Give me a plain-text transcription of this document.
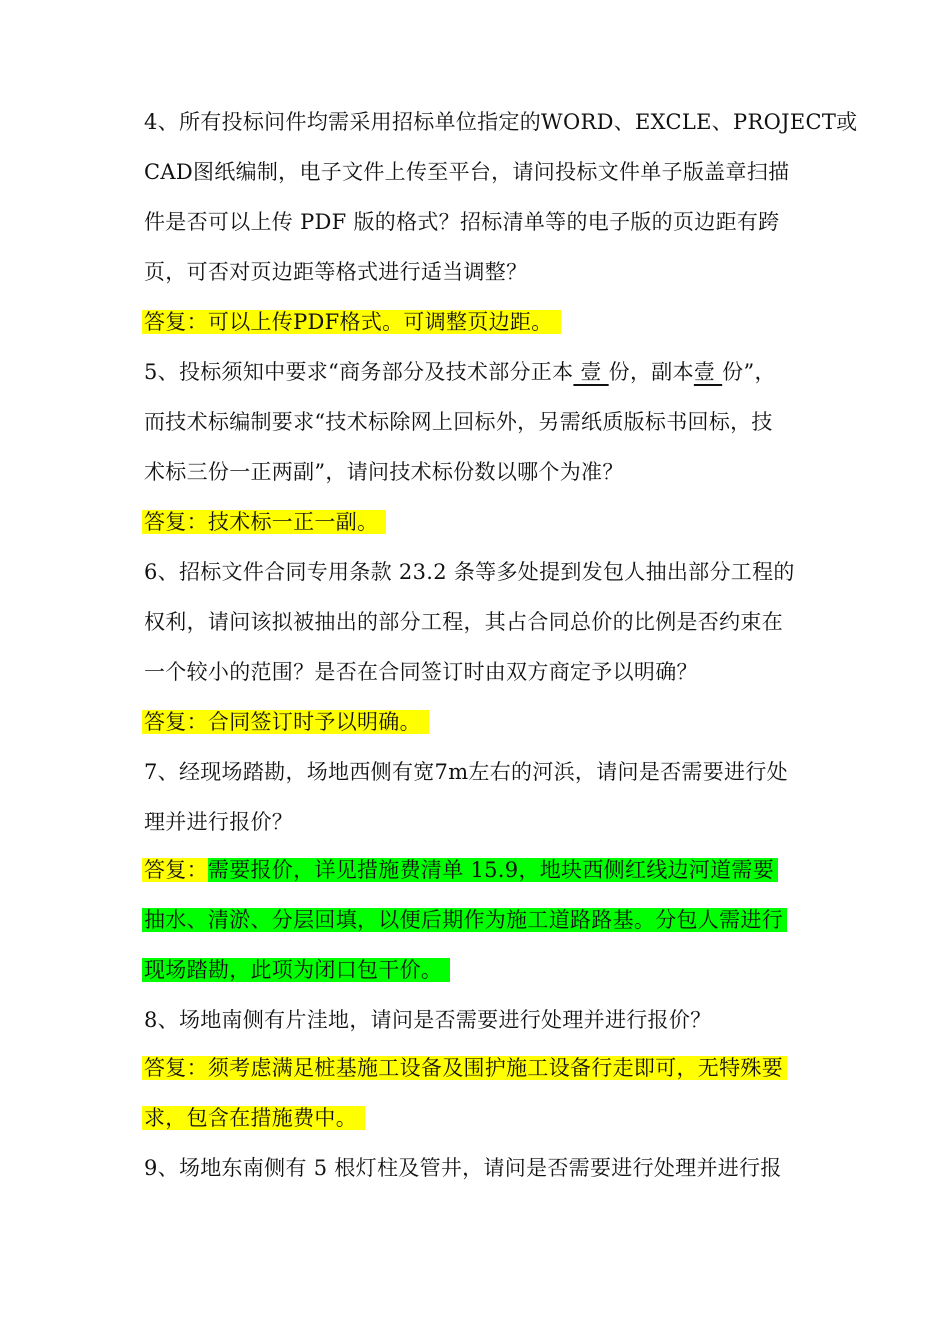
4、所有投标问件均需采用招标单位指定的WORD、EXCLE、PROJECT或
CAD图纸编制，电子文件上传至平台，请问投标文件单子版盖章扫描
件是否可以上传 PDF 版的格式？招标清单等的电子版的页边距有跨
页，可否对页边距等格式进行适当调整？
答复：可以上传PDF格式。可调整页边距。
5、投标须知中要求“商务部分及技术部分正本 壹 份，副本壹 份”，
而技术标编制要求“技术标除网上回标外，另需纸质版标书回标，技
术标三份一正两副”，请问技术标份数以哪个为准？
答复：技术标一正一副。
6、招标文件合同专用条款 23.2 条等多处提到发包人抽出部分工程的
权利，请问该拟被抽出的部分工程，其占合同总价的比例是否约束在
一个较小的范围？是否在合同签订时由双方商定予以明确？
答复：合同签订时予以明确。
7、经现场踏勘，场地西侧有宽7m左右的河浜，请问是否需要进行处
理并进行报价？
答复：需要报价，详见措施费清单 15.9，地块西侧红线边河道需要
抽水、清淤、分层回填，以便后期作为施工道路路基。分包人需进行
现场踏勘，此项为闭口包干价。
8、场地南侧有片洼地，请问是否需要进行处理并进行报价？
答复：须考虑满足桩基施工设备及围护施工设备行走即可，无特殊要
求，包含在措施费中。
9、场地东南侧有 5 根灯柱及管井，请问是否需要进行处理并进行报
